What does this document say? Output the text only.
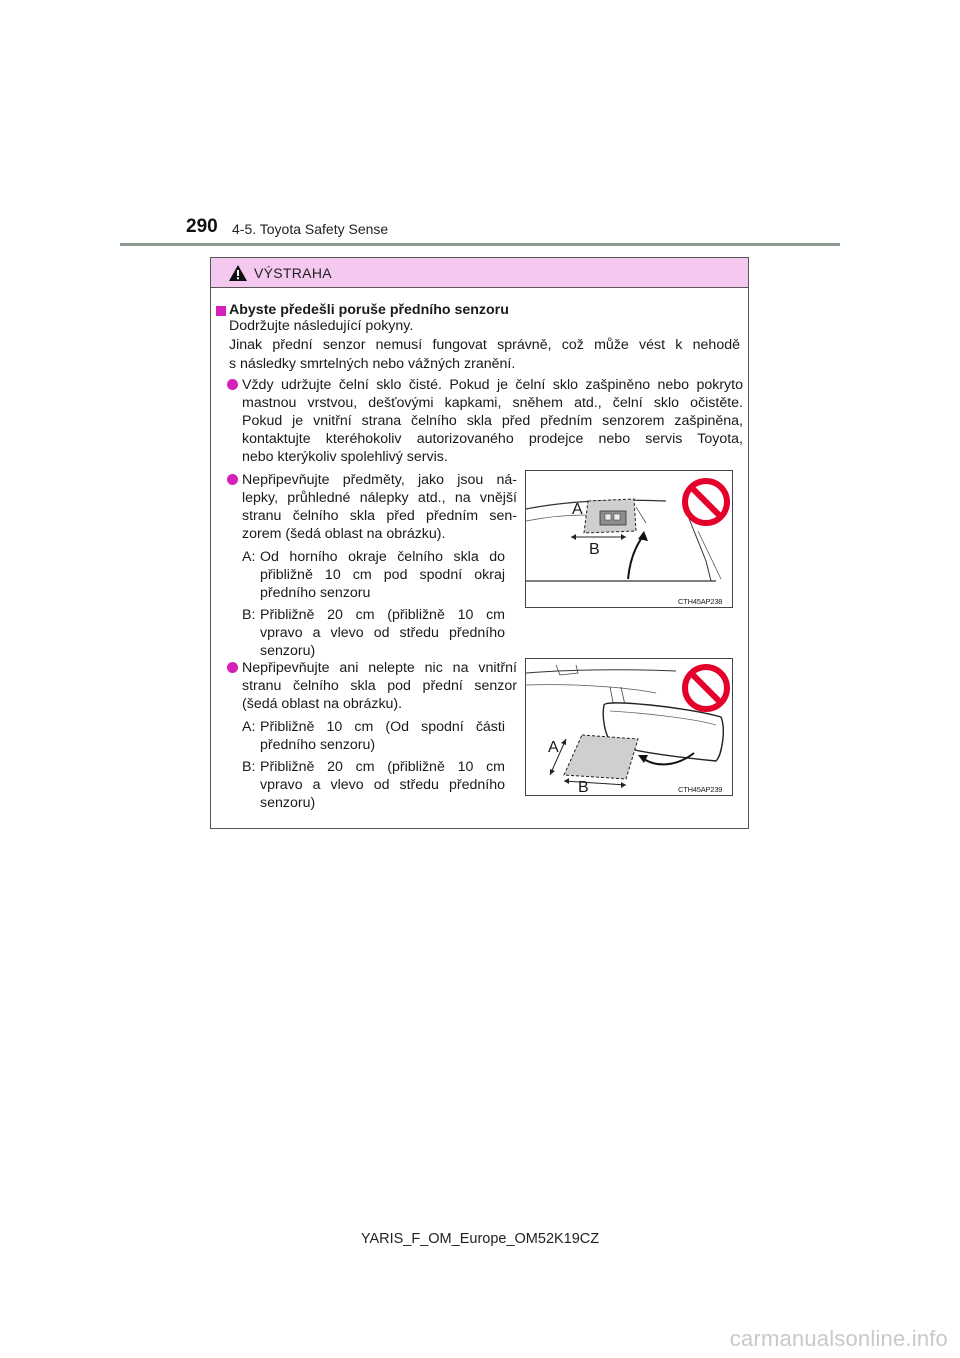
290 4-5. Toyota Safety Sense
VÝSTRAHA
Abyste předešli poruše předního senzoru
Dodržujte následující pokyny.
Jinak přední senzor nemusí fungovat správně, což může vést k nehodě
s následky smrtelných nebo vážných zranění.
Vždy udržujte čelní sklo čisté. Pokud je čelní sklo zašpiněno nebo pokryto
mastnou vrstvou, dešťovými kapkami, sněhem atd., čelní sklo očistěte.
Pokud je vnitřní strana čelního skla před předním senzorem zašpiněna,
kontaktujte kteréhokoliv autorizovaného prodejce nebo servis Toyota,
nebo kterýkoliv spolehlivý servis.
Nepřipevňujte předměty, jako jsou ná-
lepky, průhledné nálepky atd., na vnější
stranu čelního skla před předním sen-
zorem (šedá oblast na obrázku).
A: Od horního okraje čelního skla do
přibližně 10 cm pod spodní okraj
předního senzoru
B: Přibližně 20 cm (přibližně 10 cm
vpravo a vlevo od středu předního
senzoru)
A
B
CTH45AP238
Nepřipevňujte ani nelepte nic na vnitřní
stranu čelního skla pod přední senzor
(šedá oblast na obrázku).
A: Přibližně 10 cm (Od spodní části
předního senzoru)
B: Přibližně 20 cm (přibližně 10 cm
vpravo a vlevo od středu předního
senzoru)
A
B	CTH45AP239
YARIS_F_OM_Europe_OM52K19CZ
carmanualsonline.info
